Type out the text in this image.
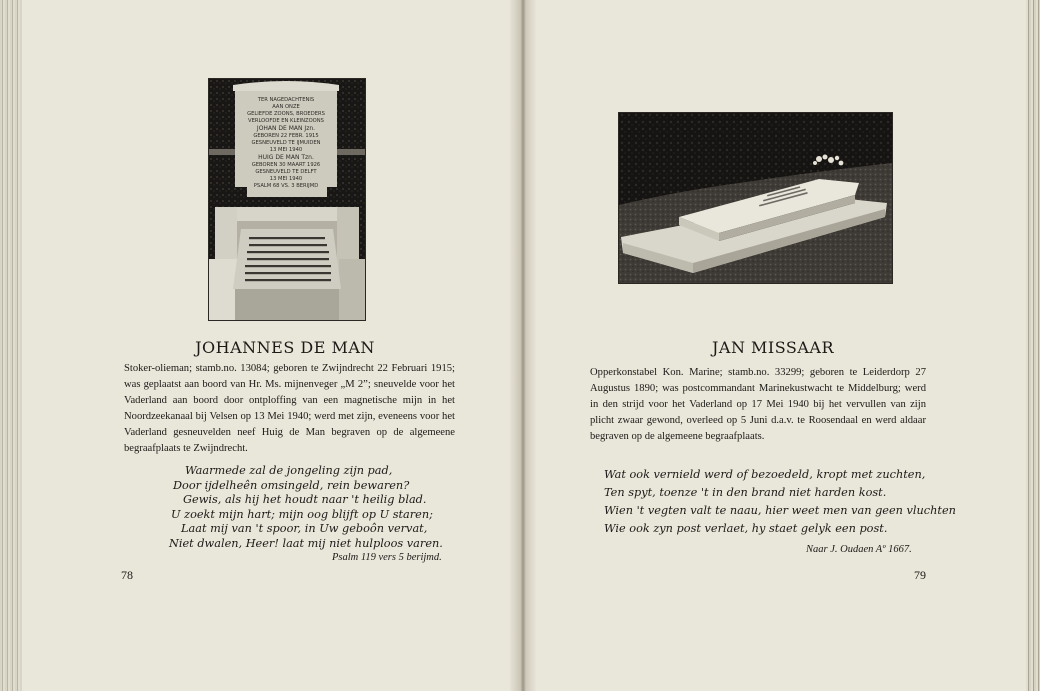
TER NAGEDACHTENIS
AAN ONZE
GELIEFDE ZOONS, BROEDERS
VERLOOFDE EN KLEINZOONS
JOHAN DE MAN Jzn.
GEBOREN 22 FEBR. 1915
GESNEUVELD TE IJMUIDEN
13 MEI 1940
HUIG DE MAN Tzn.
GEBOREN 30 MAART 1926
GESNEUVELD TE DELFT
13 MEI 1940
PSALM 68 VS. 3 BERIJMD
JOHANNES DE MAN
Stoker-olieman; stamb.no. 13084; geboren te Zwijndrecht 22 Februari 1915; was geplaatst aan boord van Hr. Ms. mijnenveger „M 2”; sneuvelde voor het Vaderland aan boord door ontploffing van een magnetische mijn in het Noordzeekanaal bij Velsen op 13 Mei 1940; werd met zijn, eveneens voor het Vaderland gesneuvelden neef Huig de Man begraven op de algemeene begraafplaats te Zwijndrecht.
Waarmede zal de jongeling zijn pad,
Door ijdelheên omsingeld, rein bewaren?
Gewis, als hij het houdt naar 't heilig blad.
U zoekt mijn hart; mijn oog blijft op U staren;
Laat mij van 't spoor, in Uw geboôn vervat,
Niet dwalen, Heer! laat mij niet hulploos varen.
Psalm 119 vers 5 berijmd.
78
JAN MISSAAR
Opperkonstabel Kon. Marine; stamb.no. 33299; geboren te Leiderdorp 27 Augustus 1890; was postcommandant Marinekustwacht te Middelburg; werd in den strijd voor het Vaderland op 17 Mei 1940 bij het vervullen van zijn plicht zwaar gewond, overleed op 5 Juni d.a.v. te Roosendaal en werd aldaar begraven op de algemeene begraafplaats.
Wat ook vernield werd of bezoedeld, kropt met zuchten,
Ten spyt, toenze 't in den brand niet harden kost.
Wien 't vegten valt te naau, hier weet men van geen vluchten
Wie ook zyn post verlaet, hy staet gelyk een post.
Naar J. Oudaen Aº 1667.
79
